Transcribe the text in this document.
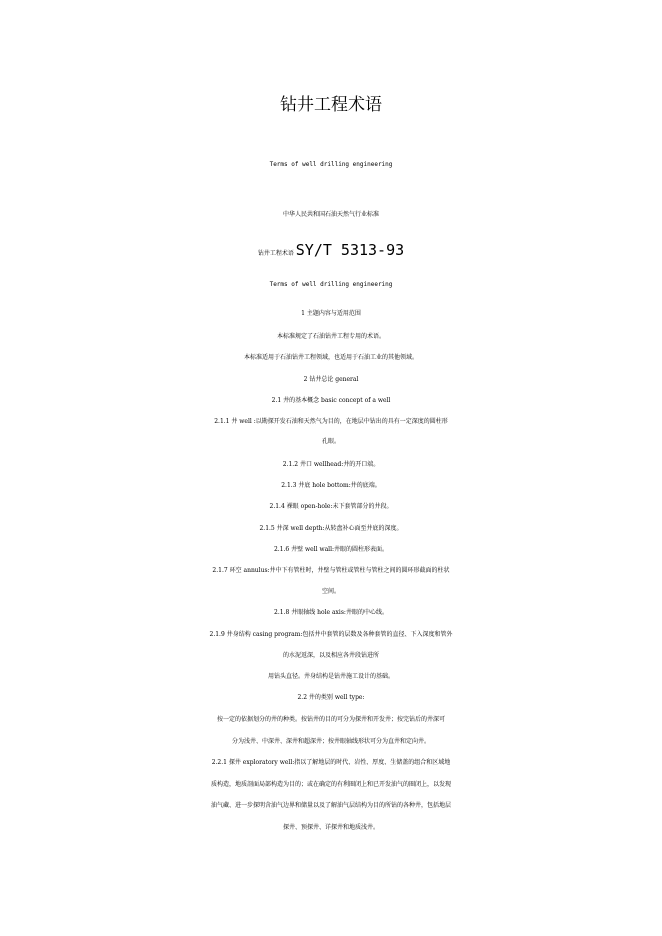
钻井工程术语
Terms of well drilling engineering
中华人民共和国石油天然气行业标准
钻井工程术语 SY/T 5313-93
Terms of well drilling engineering
1 主题内容与适用范围
本标准规定了石油钻井工程专用的术语。
本标准适用于石油钻井工程领域，也适用于石油工业的其他领域。
2 钻井总论 general
2.1 井的基本概念 basic concept of a well
2.1.1 井 well :以勘探开发石油和天然气为目的，在地层中钻出的具有一定深度的圆柱形
孔眼。
2.1.2 井口 wellhead:井的开口端。
2.1.3 井底 hole bottom:井的底端。
2.1.4 裸眼 open-hole:未下套管部分的井段。
2.1.5 井深 well depth:从转盘补心面至井底的深度。
2.1.6 井壁 well wall:井眼的圆柱形表面。
2.1.7 环空 annulus:井中下有管柱时，井壁与管柱或管柱与管柱之间的圆环形截面的柱状
空间。
2.1.8 井眼轴线 hole axis:井眼的中心线。
2.1.9 井身结构 casing program:包括井中套管的层数及各种套管的直径、下入深度和管外
的水泥返深，以及相应各井段钻进所
用钻头直径。井身结构是钻井施工设计的基础。
2.2 井的类别 well type:
按一定的依据划分的井的种类。按钻井的目的可分为探井和开发井；按完钻后的井深可
分为浅井、中深井、深井和超深井；按井眼轴线形状可分为直井和定向井。
2.2.1 探井 exploratory well:指以了解地层的时代、岩性、厚度、生储盖的组合和区域地
质构造，地质剖面局部构造为目的；或在确定的有利圈闭上和已开发油气的圈闭上，以发现
油气藏、进一步探明含油气边界和储量以及了解油气层结构为目的所钻的各种井，包括地层
探井、预探井、详探井和地质浅井。
